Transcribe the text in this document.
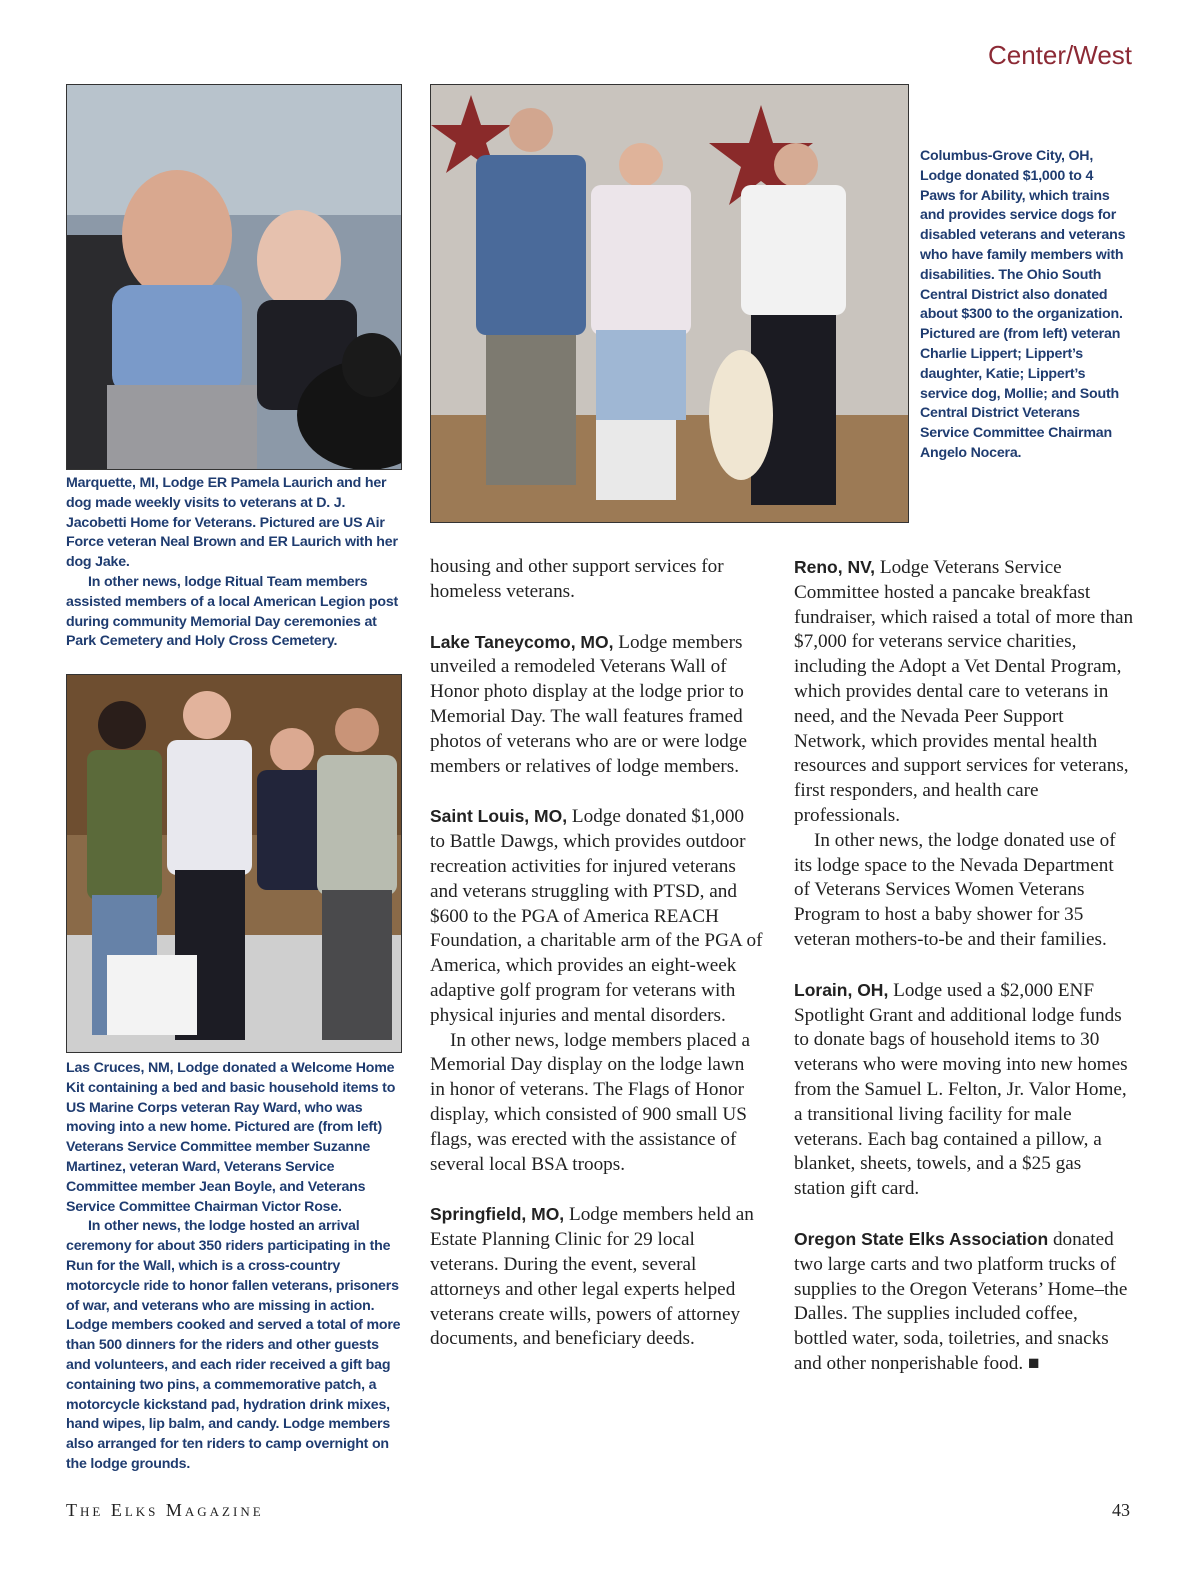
Center/West

Marquette, MI, Lodge ER Pamela Laurich and her dog made weekly visits to veterans at D. J. Jacobetti Home for Veterans. Pictured are US Air Force veteran Neal Brown and ER Laurich with her dog Jake.

In other news, lodge Ritual Team members assisted members of a local American Legion post during community Memorial Day ceremonies at Park Cemetery and Holy Cross Cemetery.

Columbus-Grove City, OH, Lodge donated $1,000 to 4 Paws for Ability, which trains and provides service dogs for disabled veterans and veterans who have family members with disabilities. The Ohio South Central District also donated about $300 to the organization. Pictured are (from left) veteran Charlie Lippert; Lippert’s daughter, Katie; Lippert’s service dog, Mollie; and South Central District Veterans Service Committee Chairman Angelo Nocera.

Las Cruces, NM, Lodge donated a Welcome Home Kit containing a bed and basic household items to US Marine Corps veteran Ray Ward, who was moving into a new home. Pictured are (from left) Veterans Service Committee member Suzanne Martinez, veteran Ward, Veterans Service Committee member Jean Boyle, and Veterans Service Committee Chairman Victor Rose.

In other news, the lodge hosted an arrival ceremony for about 350 riders participating in the Run for the Wall, which is a cross-country motorcycle ride to honor fallen veterans, prisoners of war, and veterans who are missing in action. Lodge members cooked and served a total of more than 500 dinners for the riders and other guests and volunteers, and each rider received a gift bag containing two pins, a commemorative patch, a motorcycle kickstand pad, hydration drink mixes, hand wipes, lip balm, and candy. Lodge members also arranged for ten riders to camp overnight on the lodge grounds.

housing and other support services for homeless veterans.

Lake Taneycomo, MO, Lodge members unveiled a remodeled Veterans Wall of Honor photo display at the lodge prior to Memorial Day. The wall features framed photos of veterans who are or were lodge members or relatives of lodge members.

Saint Louis, MO, Lodge donated $1,000 to Battle Dawgs, which provides outdoor recreation activities for injured veterans and veterans struggling with PTSD, and $600 to the PGA of America REACH Foundation, a charitable arm of the PGA of America, which provides an eight-week adaptive golf program for veterans with physical injuries and mental disorders.

In other news, lodge members placed a Memorial Day display on the lodge lawn in honor of veterans. The Flags of Honor display, which consisted of 900 small US flags, was erected with the assistance of several local BSA troops.

Springfield, MO, Lodge members held an Estate Planning Clinic for 29 local veterans. During the event, several attorneys and other legal experts helped veterans create wills, powers of attorney documents, and beneficiary deeds.

Reno, NV, Lodge Veterans Service Committee hosted a pancake breakfast fundraiser, which raised a total of more than $7,000 for veterans service charities, including the Adopt a Vet Dental Program, which provides dental care to veterans in need, and the Nevada Peer Support Network, which provides mental health resources and support services for veterans, first responders, and health care professionals.

In other news, the lodge donated use of its lodge space to the Nevada Department of Veterans Services Women Veterans Program to host a baby shower for 35 veteran mothers-to-be and their families.

Lorain, OH, Lodge used a $2,000 ENF Spotlight Grant and additional lodge funds to donate bags of household items to 30 veterans who were moving into new homes from the Samuel L. Felton, Jr. Valor Home, a transitional living facility for male veterans. Each bag contained a pillow, a blanket, sheets, towels, and a $25 gas station gift card.

Oregon State Elks Association donated two large carts and two platform trucks of supplies to the Oregon Veterans’ Home–the Dalles. The supplies included coffee, bottled water, soda, toiletries, and snacks and other nonperishable food. ■

The Elks Magazine	43
